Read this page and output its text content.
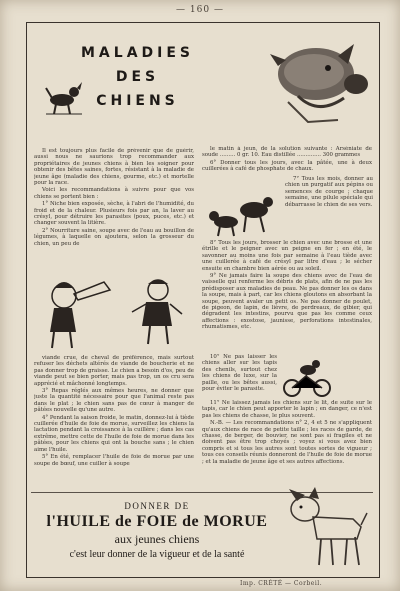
— 160 —
MALADIES
DES
CHIENS

Il est toujours plus facile de prévenir que de guérir, aussi nous ne saurions trop recommander aux propriétaires de jeunes chiens à bien les soigner pour obtenir des bêtes saines, fortes, résistant à la maladie de jeune âge (maladie des chiens, gourme, etc.) et mortelle pour la race.

Voici les recommandations à suivre pour que vos chiens se portent bien :

1° Niche bien exposée, sèche, à l'abri de l'humidité, du froid et de la chaleur. Plusieurs fois par an, la laver au crésyl, pour détruire les parasites (poux, puces, etc.) et changer souvent la litière.

2° Nourriture saine, soupe avec de l'eau au bouillon de légumes, à laquelle on ajoutera, selon la grosseur du chien, un peu de

viande crue, de cheval de préférence, mais surtout refuser les déchets altérés de viande de boucherie et ne pas donner trop de graisse. Le chien a besoin d'os, peu de viande peut se bien porter, mais pas trop, un os cru sera apprécié et mâchonné longtemps.

3° Repas réglés aux mêmes heures, ne donner que juste la quantité nécessaire pour que l'animal reste pas dans le plat ; le chien sans pas de cœur à manger de pâtées nouvelle qu'une autre.

4° Pendant la saison froide, le matin, donnez-lui à tiède cuillerée d'huile de foie de morue, surveillez les chiens la lactation pendant la croissance à la cuillère ; dans les cas extrême, mettre cette de l'huile de foie de morue dans les pâtées, pour les chiens qui ont la bouche sans ; le chien aime l'huile.

5° En été, remplacer l'huile de foie de morue par une soupe de bœuf, une cuiller à soupe

le matin à jeun, de la solution suivante : Arséniate de soude ......... 0 gr. 10. Eau distillée .............. 300 grammes

6° Donner tous les jours, avec la pâtée, une à deux cuillerées à café de phosphate de chaux.

7° Tous les mois, donner au chien un purgatif aux pépins ou semences de courge ; chaque semaine, une pilule spéciale qui débarrasse le chien de ses vers.

8° Tous les jours, brosser le chien avec une brosse et une étrille et le peigner avec un peigne en fer ; en été, le savonner au moins une fois par semaine à l'eau tiède avec une cuillerée à café de crésyl par litre d'eau ; le sécher ensuite en chambre bien aérée ou au soleil.

9° Ne jamais faire la soupe des chiens avec de l'eau de vaisselle qui renferme les débris de plats, afin de ne pas les prédisposer aux maladies de peau. Ne pas donner les os dans la soupe, mais à part, car les chiens gloutons en absorbant la soupe, peuvent avaler un petit os. Ne pas donner de poulet, de pigeon, de lapin, de lièvre, de perdreaux, de gibier, qui dégradent les intestins, pourvu que pas les comme ceux affections : exostose, jaunisse, perforations intestinales, rhumatismes, etc.

10° Ne pas laisser les chiens aller sur les tapis des chenils, surtout chez les chiens de luxe, sur la paille, ou les bêtes aussi, pour éviter le parasite.

11° Ne laissez jamais les chiens sur le lit, de suite sur le tapis, car le chien peut apporter le lapin ; en danger, ce n'est pas les chiens de chasse, le plus souvent.

N.-B. — Les recommandations n° 2, 4 et 5 ne s'appliquent qu'aux chiens de race de petite taille ; les races de garde, de chasse, de berger, de bouvier, ne sont pas si fragiles et ne doivent pas être trop choyés ; voyez si vous avez bien compris et si tous les autres sont toutes sortes de vigueur ; tous ces conseils réunis donneront de l'huile de foie de morue ; et la maladie de jeune âge et ses autres affections.

DONNER DE
l'HUILE de FOIE de MORUE
aux jeunes chiens
c'est leur donner de la vigueur et de la santé
Imp. CRÉTÉ — Corbeil.
